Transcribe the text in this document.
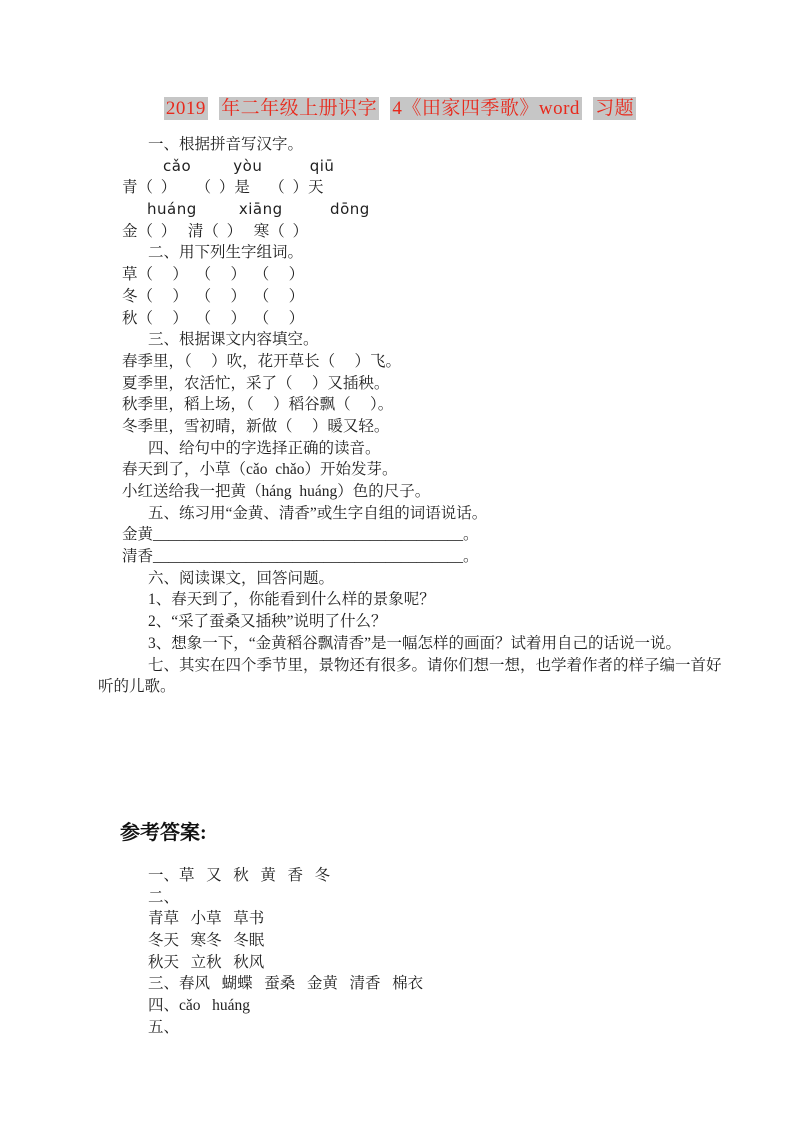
2019 年二年级上册识字 4《田家四季歌》word 习题
一、根据拼音写汉字。
cǎo        yòu         qiū
青（  ）     （  ）是     （  ）天
huáng        xiāng         dōng
金（  ）   清（  ）   寒（  ）
二、用下列生字组词。
草（     ）  （     ）  （     ）
冬（     ）  （     ）  （     ）
秋（     ）  （     ）  （     ）
三、根据课文内容填空。
春季里，（     ）吹，花开草长（     ）飞。
夏季里，农活忙，采了（     ）又插秧。
秋季里，稻上场，（     ）稻谷飘（     ）。
冬季里，雪初晴，新做（     ）暖又轻。
四、给句中的字选择正确的读音。
春天到了，小草（cǎo  chǎo）开始发芽。
小红送给我一把黄（háng  huáng）色的尺子。
五、练习用“金黄、清香”或生字自组的词语说话。
金黄________________________________________。
清香________________________________________。
六、阅读课文，回答问题。
1、春天到了，你能看到什么样的景象呢？
2、“采了蚕桑又插秧”说明了什么？
3、想象一下，“金黄稻谷飘清香”是一幅怎样的画面？试着用自己的话说一说。
七、其实在四个季节里，景物还有很多。请你们想一想，也学着作者的样子编一首好
听的儿歌。
参考答案:
一、草   又   秋   黄   香   冬
二、
青草   小草   草书
冬天   寒冬   冬眠
秋天   立秋   秋风
三、春风   蝴蝶   蚕桑   金黄   清香   棉衣
四、cǎo   huáng
五、
